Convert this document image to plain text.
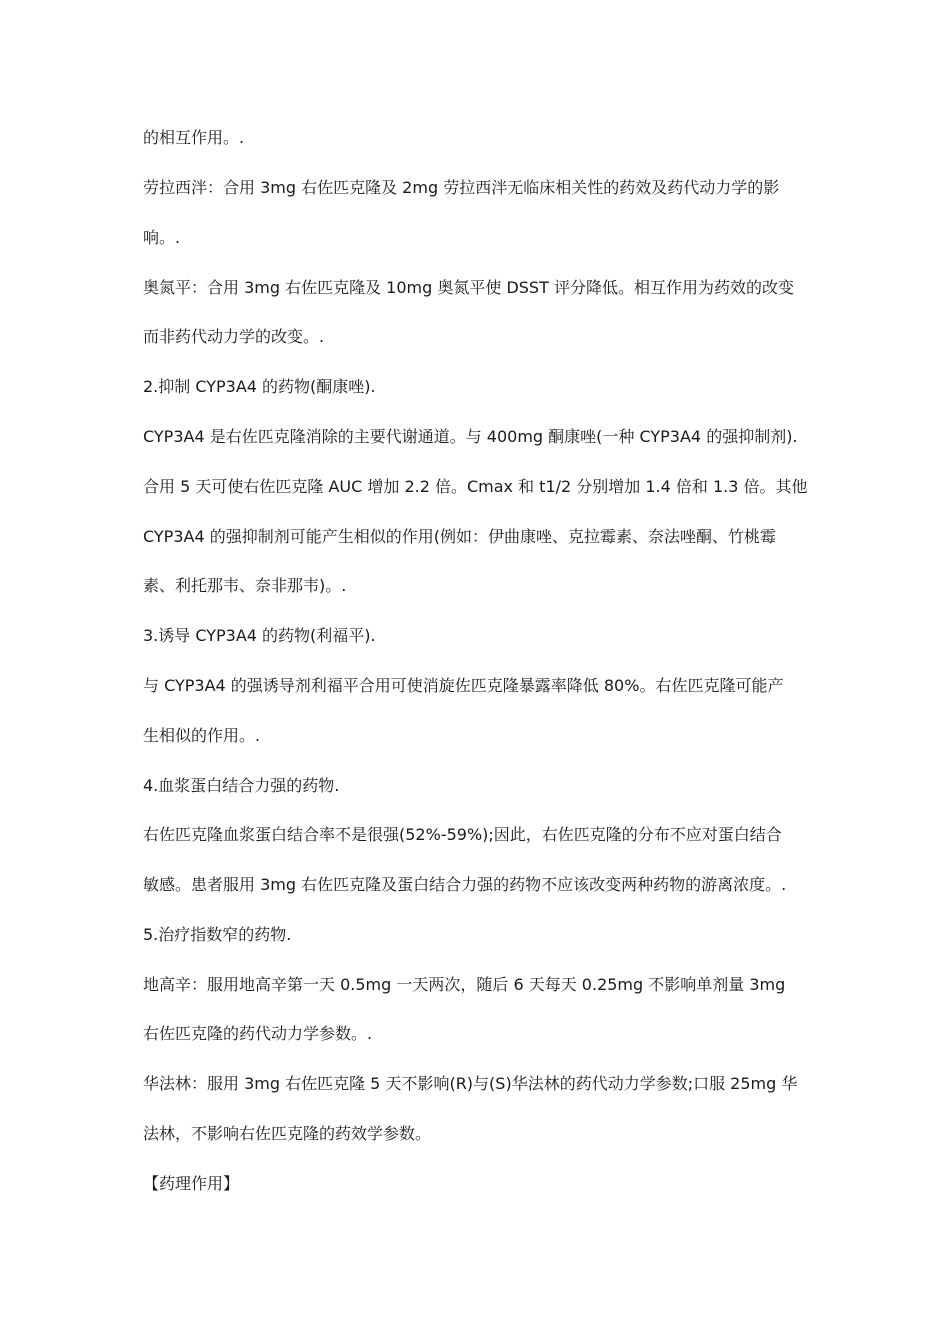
的相互作用。.
劳拉西泮：合用 3mg 右佐匹克隆及 2mg 劳拉西泮无临床相关性的药效及药代动力学的影
响。.
奥氮平：合用 3mg 右佐匹克隆及 10mg 奥氮平使 DSST 评分降低。相互作用为药效的改变
而非药代动力学的改变。.
2.抑制 CYP3A4 的药物(酮康唑).
CYP3A4 是右佐匹克隆消除的主要代谢通道。与 400mg 酮康唑(一种 CYP3A4 的强抑制剂).
合用 5 天可使右佐匹克隆 AUC 增加 2.2 倍。Cmax 和 t1/2 分别增加 1.4 倍和 1.3 倍。其他
CYP3A4 的强抑制剂可能产生相似的作用(例如：伊曲康唑、克拉霉素、奈法唑酮、竹桃霉
素、利托那韦、奈非那韦)。.
3.诱导 CYP3A4 的药物(利福平).
与 CYP3A4 的强诱导剂利福平合用可使消旋佐匹克隆暴露率降低 80%。右佐匹克隆可能产
生相似的作用。.
4.血浆蛋白结合力强的药物.
右佐匹克隆血浆蛋白结合率不是很强(52%-59%);因此，右佐匹克隆的分布不应对蛋白结合
敏感。患者服用 3mg 右佐匹克隆及蛋白结合力强的药物不应该改变两种药物的游离浓度。.
5.治疗指数窄的药物.
地高辛：服用地高辛第一天 0.5mg 一天两次，随后 6 天每天 0.25mg 不影响单剂量 3mg
右佐匹克隆的药代动力学参数。.
华法林：服用 3mg 右佐匹克隆 5 天不影响(R)与(S)华法林的药代动力学参数;口服 25mg 华
法林，不影响右佐匹克隆的药效学参数。
【药理作用】
